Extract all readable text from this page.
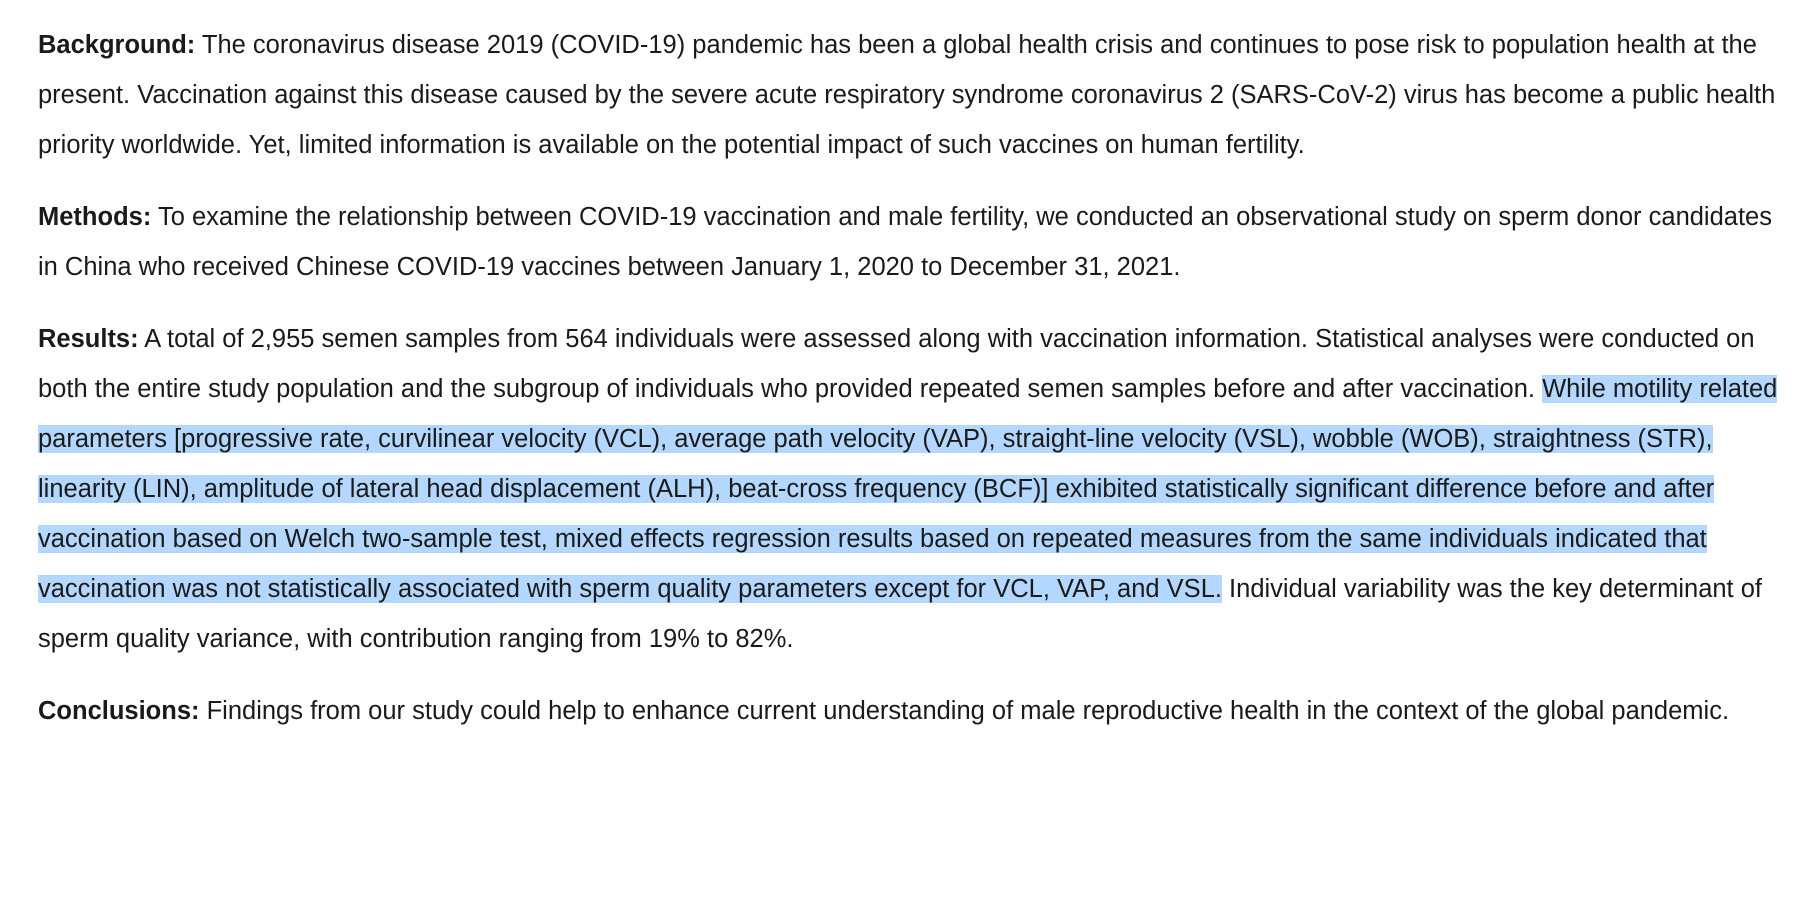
Background: The coronavirus disease 2019 (COVID-19) pandemic has been a global health crisis and continues to pose risk to population health at the present. Vaccination against this disease caused by the severe acute respiratory syndrome coronavirus 2 (SARS-CoV-2) virus has become a public health priority worldwide. Yet, limited information is available on the potential impact of such vaccines on human fertility.

Methods: To examine the relationship between COVID-19 vaccination and male fertility, we conducted an observational study on sperm donor candidates in China who received Chinese COVID-19 vaccines between January 1, 2020 to December 31, 2021.

Results: A total of 2,955 semen samples from 564 individuals were assessed along with vaccination information. Statistical analyses were conducted on both the entire study population and the subgroup of individuals who provided repeated semen samples before and after vaccination. While motility related parameters [progressive rate, curvilinear velocity (VCL), average path velocity (VAP), straight-line velocity (VSL), wobble (WOB), straightness (STR), linearity (LIN), amplitude of lateral head displacement (ALH), beat-cross frequency (BCF)] exhibited statistically significant difference before and after vaccination based on Welch two-sample test, mixed effects regression results based on repeated measures from the same individuals indicated that vaccination was not statistically associated with sperm quality parameters except for VCL, VAP, and VSL. Individual variability was the key determinant of sperm quality variance, with contribution ranging from 19% to 82%.

Conclusions: Findings from our study could help to enhance current understanding of male reproductive health in the context of the global pandemic.
